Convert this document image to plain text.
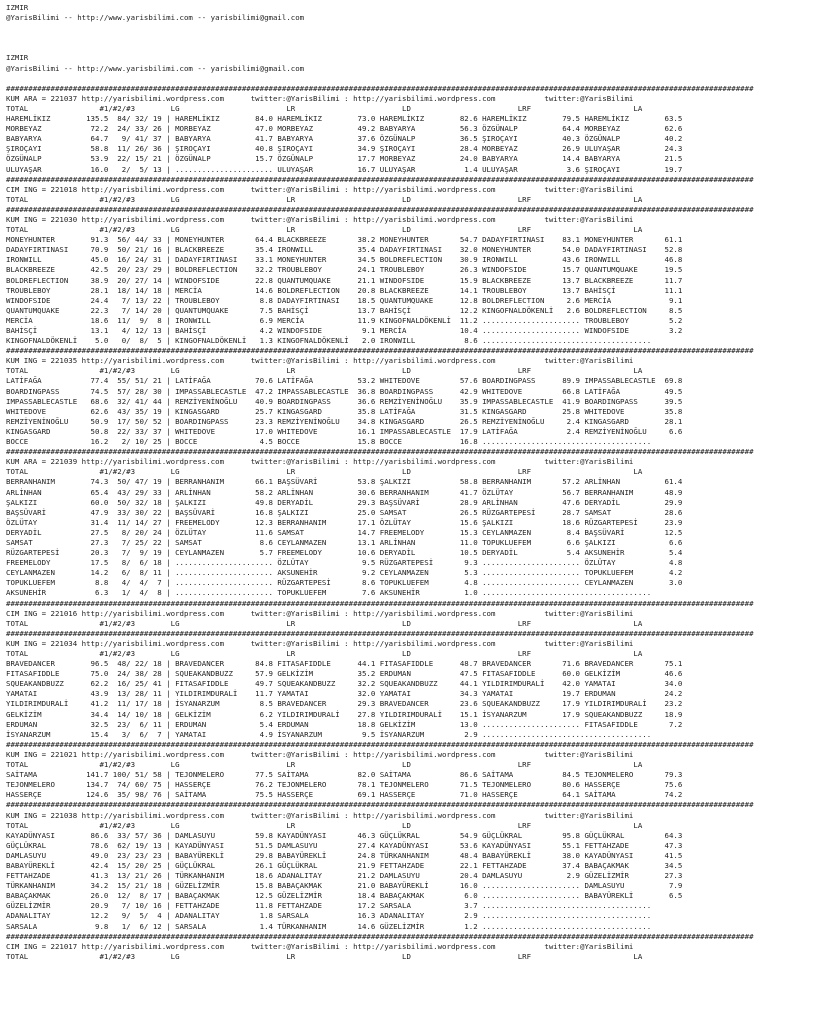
IZMIR
@YarisBilimi -- http://www.yarisbilimi.com -- yarisbilimi@gmail.com
IZMIR
@YarisBilimi -- http://www.yarisbilimi.com -- yarisbilimi@gmail.com
########################################################################################################################################################################
KUM ARA = 221037 http://yarisbilimi.wordpress.com      twitter:@YarisBilimi : http://yarisbilimi.wordpress.com           twitter:@YarisBilimi
TOTAL                #1/#2/#3        LG                        LR                        LD                        LRF                       LA
HAREMLİKIZ        135.5  84/ 32/ 19 | HAREMLİKIZ        84.0 HAREMLİKIZ        73.0 HAREMLİKIZ        82.6 HAREMLİKIZ        79.5 HAREMLİKIZ        63.5
MORBEYAZ           72.2  24/ 33/ 26 | MORBEYAZ          47.0 MORBEYAZ          49.2 BABYARYA          56.3 ÖZGÜNALP          64.4 MORBEYAZ          62.6
BABYARYA           64.7   9/ 41/ 37 | BABYARYA          41.7 BABYARYA          37.6 ÖZGÜNALP          36.5 ŞIROÇAYI          40.3 ÖZGÜNALP          40.2
ŞIROÇAYI           58.8  11/ 26/ 36 | ŞIROÇAYI          40.8 ŞIROÇAYI          34.9 ŞIROÇAYI          28.4 MORBEYAZ          26.9 ULUYAŞAR          24.3
ÖZGÜNALP           53.9  22/ 15/ 21 | ÖZGÜNALP          15.7 ÖZGÜNALP          17.7 MORBEYAZ          24.0 BABYARYA          14.4 BABYARYA          21.5
ULUYAŞAR           16.0   2/  5/ 13 | ...................... ULUYAŞAR          16.7 ULUYAŞAR           1.4 ULUYAŞAR           3.6 ŞIROÇAYI          19.7
########################################################################################################################################################################
CIM ING = 221018 http://yarisbilimi.wordpress.com      twitter:@YarisBilimi : http://yarisbilimi.wordpress.com           twitter:@YarisBilimi
TOTAL                #1/#2/#3        LG                        LR                        LD                        LRF                       LA
########################################################################################################################################################################
KUM ING = 221030 http://yarisbilimi.wordpress.com      twitter:@YarisBilimi : http://yarisbilimi.wordpress.com           twitter:@YarisBilimi
TOTAL                #1/#2/#3        LG                        LR                        LD                        LRF                       LA
MONEYHUNTER        91.3  56/ 44/ 33 | MONEYHUNTER       64.4 BLACKBREEZE       38.2 MONEYHUNTER       54.7 DADAYFIRTINASI    83.1 MONEYHUNTER       61.1
DADAYFIRTINASI     70.9  50/ 21/ 16 | BLACKBREEZE       35.4 IRONWILL          35.4 DADAYFIRTINASI    32.0 MONEYHUNTER       54.0 DADAYFIRTINASI    52.8
IRONWILL           45.0  16/ 24/ 31 | DADAYFIRTINASI    33.1 MONEYHUNTER       34.5 BOLDREFLECTION    30.9 IRONWILL          43.6 IRONWILL          46.8
BLACKBREEZE        42.5  20/ 23/ 29 | BOLDREFLECTION    32.2 TROUBLEBOY        24.1 TROUBLEBOY        26.3 WINDOFSIDE        15.7 QUANTUMQUAKE      19.5
BOLDREFLECTION     38.9  20/ 27/ 14 | WINDOFSIDE        22.8 QUANTUMQUAKE      21.1 WINDOFSIDE        15.9 BLACKBREEZE       13.7 BLACKBREEZE       11.7
TROUBLEBOY         28.1  18/ 14/ 18 | MERCİA            14.6 BOLDREFLECTION    20.8 BLACKBREEZE       14.1 TROUBLEBOY        13.7 BAHİSÇİ           11.1
WINDOFSIDE         24.4   7/ 13/ 22 | TROUBLEBOY         8.8 DADAYFIRTINASI    18.5 QUANTUMQUAKE      12.8 BOLDREFLECTION     2.6 MERCİA             9.1
QUANTUMQUAKE       22.3   7/ 14/ 20 | QUANTUMQUAKE       7.5 BAHİSÇİ           13.7 BAHİSÇİ           12.2 KINGOFNALDÖKENLİ   2.6 BOLDREFLECTION     8.5
MERCİA             18.6  11/  9/  8 | IRONWILL           6.9 MERCİA            11.9 KINGOFNALDÖKENLİ  11.2 ...................... TROUBLEBOY         5.2
BAHİSÇİ            13.1   4/ 12/ 13 | BAHİSÇİ            4.2 WINDOFSIDE         9.1 MERCİA            10.4 ...................... WINDOFSIDE         3.2
KINGOFNALDÖKENLİ    5.0   0/  8/  5 | KINGOFNALDÖKENLİ   1.3 KINGOFNALDÖKENLİ   2.0 IRONWILL           8.6 ......................................
########################################################################################################################################################################
KUM ING = 221035 http://yarisbilimi.wordpress.com      twitter:@YarisBilimi : http://yarisbilimi.wordpress.com           twitter:@YarisBilimi
TOTAL                #1/#2/#3        LG                        LR                        LD                        LRF                       LA
LATİFAĞA           77.4  55/ 51/ 21 | LATİFAĞA          70.6 LATİFAĞA          53.2 WHITEDOVE         57.6 BOARDINGPASS      89.9 IMPASSABLECASTLE  69.8
BOARDINGPASS       74.5  57/ 28/ 30 | IMPASSABLECASTLE  47.2 IMPASSABLECASTLE  36.8 BOARDINGPASS      42.9 WHITEDOVE         66.8 LATİFAĞA          49.5
IMPASSABLECASTLE   68.6  32/ 41/ 44 | REMZİYENİNOĞLU    40.9 BOARDINGPASS      36.6 REMZİYENİNOĞLU    35.9 IMPASSABLECASTLE  41.9 BOARDINGPASS      39.5
WHITEDOVE          62.6  43/ 35/ 19 | KINGASGARD        25.7 KINGASGARD        35.8 LATİFAĞA          31.5 KINGASGARD        25.8 WHITEDOVE         35.8
REMZİYENİNOĞLU     50.9  17/ 50/ 52 | BOARDINGPASS      23.3 REMZİYENİNOĞLU    34.8 KINGASGARD        26.5 REMZİYENİNOĞLU     2.4 KINGASGARD        28.1
KINGASGARD         50.8  22/ 33/ 37 | WHITEDOVE         17.0 WHITEDOVE         16.1 IMPASSABLECASTLE  17.9 LATİFAĞA           2.4 REMZİYENİNOĞLU     6.6
BOCCE              16.2   2/ 10/ 25 | BOCCE              4.5 BOCCE             15.8 BOCCE             16.8 ......................................
########################################################################################################################################################################
KUM ARA = 221039 http://yarisbilimi.wordpress.com      twitter:@YarisBilimi : http://yarisbilimi.wordpress.com           twitter:@YarisBilimi
TOTAL                #1/#2/#3        LG                        LR                        LD                        LRF                       LA
BERRANHANIM        74.3  50/ 47/ 19 | BERRANHANIM       66.1 BAŞSÜVARİ         53.8 ŞALKIZI           58.8 BERRANHANIM       57.2 ARLİNHAN          61.4
ARLİNHAN           65.4  43/ 29/ 33 | ARLİNHAN          58.2 ARLİNHAN          30.6 BERRANHANIM       41.7 ÖZLÜTAY           56.7 BERRANHANIM       48.9
ŞALKIZI            60.0  50/ 32/ 18 | ŞALKIZI           49.8 DERYADİL          29.3 BAŞSÜVARİ         28.9 ARLİNHAN          47.6 DERYADİL          29.9
BAŞSÜVARİ          47.9  33/ 30/ 22 | BAŞSÜVARİ         16.8 ŞALKIZI           25.0 SAMSAT            26.5 RÜZGARTEPESİ      28.7 SAMSAT            28.6
ÖZLÜTAY            31.4  11/ 14/ 27 | FREEMELODY        12.3 BERRANHANIM       17.1 ÖZLÜTAY           15.6 ŞALKIZI           18.6 RÜZGARTEPESİ      23.9
DERYADİL           27.5   8/ 20/ 24 | ÖZLÜTAY           11.6 SAMSAT            14.7 FREEMELODY        15.3 CEYLANMAZEN        8.4 BAŞSÜVARİ         12.5
SAMSAT             27.3   7/ 25/ 22 | SAMSAT             8.6 CEYLANMAZEN       13.1 ARLİNHAN          11.0 TOPUKLUEFEM        6.6 ŞALKIZI            6.6
RÜZGARTEPESİ       20.3   7/  9/ 19 | CEYLANMAZEN        5.7 FREEMELODY        10.6 DERYADİL          10.5 DERYADİL           5.4 AKSUNEHİR          5.4
FREEMELODY         17.5   8/  6/ 18 | ...................... ÖZLÜTAY            9.5 RÜZGARTEPESİ       9.3 ...................... ÖZLÜTAY            4.8
CEYLANMAZEN        14.2   6/  8/ 11 | ...................... AKSUNEHİR          9.2 CEYLANMAZEN        5.3 ...................... TOPUKLUEFEM        4.2
TOPUKLUEFEM         8.8   4/  4/  7 | ...................... RÜZGARTEPESİ       8.6 TOPUKLUEFEM        4.8 ...................... CEYLANMAZEN        3.0
AKSUNEHİR           6.3   1/  4/  8 | ...................... TOPUKLUEFEM        7.6 AKSUNEHİR          1.0 ......................................
########################################################################################################################################################################
CIM ING = 221016 http://yarisbilimi.wordpress.com      twitter:@YarisBilimi : http://yarisbilimi.wordpress.com           twitter:@YarisBilimi
TOTAL                #1/#2/#3        LG                        LR                        LD                        LRF                       LA
########################################################################################################################################################################
KUM ING = 221034 http://yarisbilimi.wordpress.com      twitter:@YarisBilimi : http://yarisbilimi.wordpress.com           twitter:@YarisBilimi
TOTAL                #1/#2/#3        LG                        LR                        LD                        LRF                       LA
BRAVEDANCER        96.5  48/ 22/ 18 | BRAVEDANCER       84.8 FITASAFIDDLE      44.1 FITASAFIDDLE      48.7 BRAVEDANCER       71.6 BRAVEDANCER       75.1
FITASAFIDDLE       75.0  24/ 38/ 28 | SQUEAKANDBUZZ     57.9 GELKİZİM          35.2 ERDUMAN           47.5 FITASAFIDDLE      60.0 GELKİZİM          46.6
SQUEAKANDBUZZ      62.2  16/ 25/ 41 | FITASAFIDDLE      49.7 SQUEAKANDBUZZ     32.2 SQUEAKANDBUZZ     44.1 YILDIRIMDURALİ    42.0 YAMATAI           34.0
YAMATAI            43.9  13/ 28/ 11 | YILDIRIMDURALİ    11.7 YAMATAI           32.0 YAMATAI           34.3 YAMATAI           19.7 ERDUMAN           24.2
YILDIRIMDURALİ     41.2  11/ 17/ 18 | İSYANARZUM         8.5 BRAVEDANCER       29.3 BRAVEDANCER       23.6 SQUEAKANDBUZZ     17.9 YILDIRIMDURALİ    23.2
GELKİZİM           34.4  14/ 10/ 18 | GELKİZİM           6.2 YILDIRIMDURALİ    27.8 YILDIRIMDURALİ    15.1 İSYANARZUM        17.9 SQUEAKANDBUZZ     18.9
ERDUMAN            32.5  23/  6/ 11 | ERDUMAN            5.4 ERDUMAN           18.8 GELKİZİM          13.0 ...................... FITASAFIDDLE       7.2
İSYANARZUM         15.4   3/  6/  7 | YAMATAI            4.9 İSYANARZUM         9.5 İSYANARZUM         2.9 ......................................
########################################################################################################################################################################
KUM ING = 221021 http://yarisbilimi.wordpress.com      twitter:@YarisBilimi : http://yarisbilimi.wordpress.com           twitter:@YarisBilimi
TOTAL                #1/#2/#3        LG                        LR                        LD                        LRF                       LA
SAİTAMA           141.7 100/ 51/ 58 | TEJONMELERO       77.5 SAİTAMA           82.0 SAİTAMA           86.6 SAİTAMA           84.5 TEJONMELERO       79.3
TEJONMELERO       134.7  74/ 60/ 75 | HASSERÇE          76.2 TEJONMELERO       78.1 TEJONMELERO       71.5 TEJONMELERO       80.6 HASSERÇE          75.6
HASSERÇE          124.6  35/ 98/ 76 | SAİTAMA           75.5 HASSERÇE          69.1 HASSERÇE          71.0 HASSERÇE          64.1 SAİTAMA           74.2
########################################################################################################################################################################
KUM ING = 221038 http://yarisbilimi.wordpress.com      twitter:@YarisBilimi : http://yarisbilimi.wordpress.com           twitter:@YarisBilimi
TOTAL                #1/#2/#3        LG                        LR                        LD                        LRF                       LA
KAYADÜNYASI        86.6  33/ 57/ 36 | DAMLASUYU         59.8 KAYADÜNYASI       46.3 GÜÇLÜKRAL         54.9 GÜÇLÜKRAL         95.8 GÜÇLÜKRAL         64.3
GÜÇLÜKRAL          78.6  62/ 19/ 13 | KAYADÜNYASI       51.5 DAMLASUYU         27.4 KAYADÜNYASI       53.6 KAYADÜNYASI       55.1 FETTAHZADE        47.3
DAMLASUYU          49.0  23/ 23/ 23 | BABAYÜREKLİ       29.8 BABAYÜREKLİ       24.8 TÜRKANHANIM       48.4 BABAYÜREKLİ       38.0 KAYADÜNYASI       41.5
BABAYÜREKLİ        42.4  15/ 20/ 25 | GÜÇLÜKRAL         26.1 GÜÇLÜKRAL         21.9 FETTAHZADE        22.1 FETTAHZADE        37.4 BABAÇAKMAK        34.5
FETTAHZADE         41.3  13/ 21/ 26 | TÜRKANHANIM       18.6 ADANALITAY        21.2 DAMLASUYU         20.4 DAMLASUYU          2.9 GÜZELİZMİR        27.3
TÜRKANHANIM        34.2  15/ 21/ 18 | GÜZELİZMİR        15.8 BABAÇAKMAK        21.0 BABAYÜREKLİ       16.0 ...................... DAMLASUYU          7.9
BABAÇAKMAK         26.0  12/  8/ 17 | BABAÇAKMAK        12.5 GÜZELİZMİR        18.4 BABAÇAKMAK         6.0 ...................... BABAYÜREKLİ        6.5
GÜZELİZMİR         20.9   7/ 10/ 16 | FETTAHZADE        11.8 FETTAHZADE        17.2 SARSALA            3.7 ......................................
ADANALITAY         12.2   9/  5/  4 | ADANALITAY         1.8 SARSALA           16.3 ADANALITAY         2.9 ......................................
SARSALA             9.8   1/  6/ 12 | SARSALA            1.4 TÜRKANHANIM       14.6 GÜZELİZMİR         1.2 ......................................
########################################################################################################################################################################
CIM ING = 221017 http://yarisbilimi.wordpress.com      twitter:@YarisBilimi : http://yarisbilimi.wordpress.com           twitter:@YarisBilimi
TOTAL                #1/#2/#3        LG                        LR                        LD                        LRF                       LA
